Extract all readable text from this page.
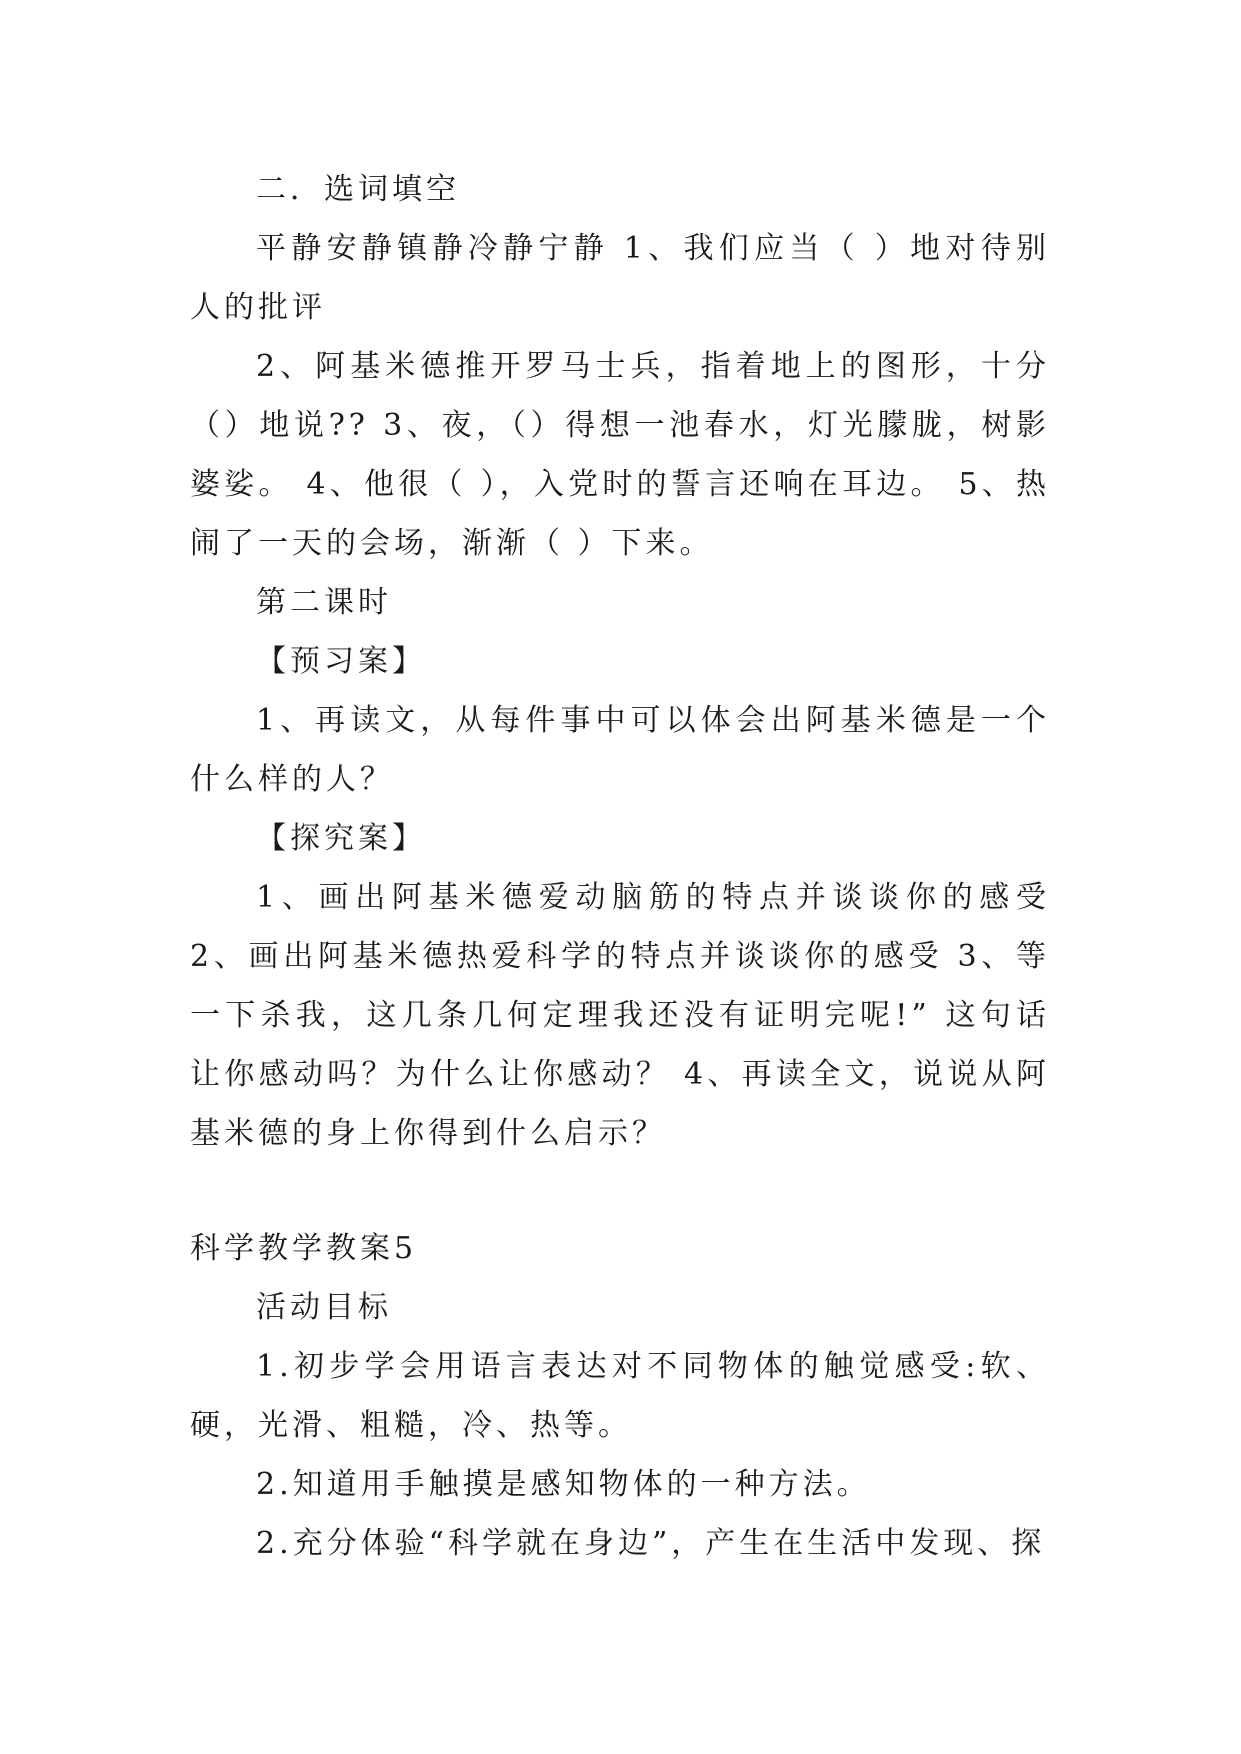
二．选词填空

平静安静镇静冷静宁静 1、我们应当（ ）地对待别人的批评

2、阿基米德推开罗马士兵，指着地上的图形，十分（）地说?? 3、夜，（）得想一池春水，灯光朦胧，树影婆娑。 4、他很（ ），入党时的誓言还响在耳边。 5、热闹了一天的会场，渐渐（ ）下来。

第二课时

【预习案】

1、再读文，从每件事中可以体会出阿基米德是一个什么样的人？

【探究案】

1、画出阿基米德爱动脑筋的特点并谈谈你的感受 2、画出阿基米德热爱科学的特点并谈谈你的感受 3、等一下杀我，这几条几何定理我还没有证明完呢!” 这句话让你感动吗？为什么让你感动？ 4、再读全文，说说从阿基米德的身上你得到什么启示？

科学教学教案5

活动目标

1.初步学会用语言表达对不同物体的触觉感受:软、硬，光滑、粗糙，冷、热等。

2.知道用手触摸是感知物体的一种方法。

2.充分体验“科学就在身边”，产生在生活中发现、探
